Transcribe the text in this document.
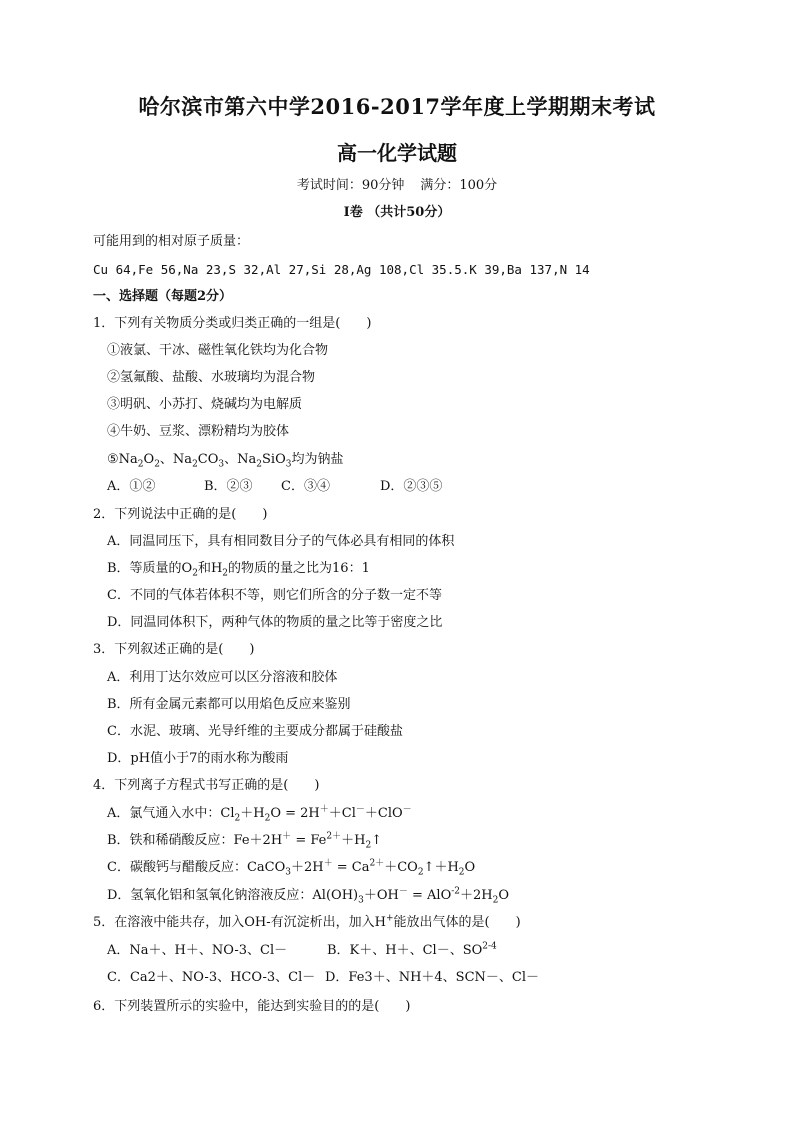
哈尔滨市第六中学2016-2017学年度上学期期末考试
高一化学试题
考试时间：90分钟 满分：100分
Ⅰ卷 （共计50分）
可能用到的相对原子质量：
Cu 64,Fe 56,Na 23,S 32,Al 27,Si 28,Ag 108,Cl 35.5.K 39,Ba 137,N 14
一、选择题（每题2分）
1．下列有关物质分类或归类正确的一组是(　　)
①液氯、干冰、磁性氧化铁均为化合物
②氢氟酸、盐酸、水玻璃均为混合物
③明矾、小苏打、烧碱均为电解质
④牛奶、豆浆、漂粉精均为胶体
$⑤Na_2O_2$、$Na_2CO_3$、$Na_2SiO_3$均为钠盐
A．①②	B．②③ C．③④	D．②③⑤
2．下列说法中正确的是(　　)
A．同温同压下，具有相同数目分子的气体必具有相同的体积
B．等质量的$O_2$和$H_2$的物质的量之比为16：1
C．不同的气体若体积不等，则它们所含的分子数一定不等
D．同温同体积下，两种气体的物质的量之比等于密度之比
3．下列叙述正确的是(　　)
A．利用丁达尔效应可以区分溶液和胶体
B．所有金属元素都可以用焰色反应来鉴别
C．水泥、玻璃、光导纤维的主要成分都属于硅酸盐
D．pH值小于7的雨水称为酸雨
4．下列离子方程式书写正确的是(　　)
A．氯气通入水中：$Cl_2+H_2O = 2H^++Cl^-+ClO^-$
B．铁和稀硝酸反应：$Fe+2H^+ = Fe^{2+}+H_2↑$
C．碳酸钙与醋酸反应：CaCO$_3$＋2H＋ = $Ca^{2+}+CO_2↑+H_2O$
D．氢氧化铝和氢氧化钠溶液反应：$Al(OH)_3+OH^- = AlO^{-2}+2H_2O$
5．在溶液中能共存，加入OH-有沉淀析出，加入H+能放出气体的是(　　)
A．Na＋、H＋、NO-3、Cl－	B．K＋、H＋、Cl－、$SO^{2-4}$
C．Ca2＋、NO-3、HCO-3、Cl－ D．Fe3＋、NH＋4、SCN－、Cl－
6．下列装置所示的实验中，能达到实验目的的是(　　)
